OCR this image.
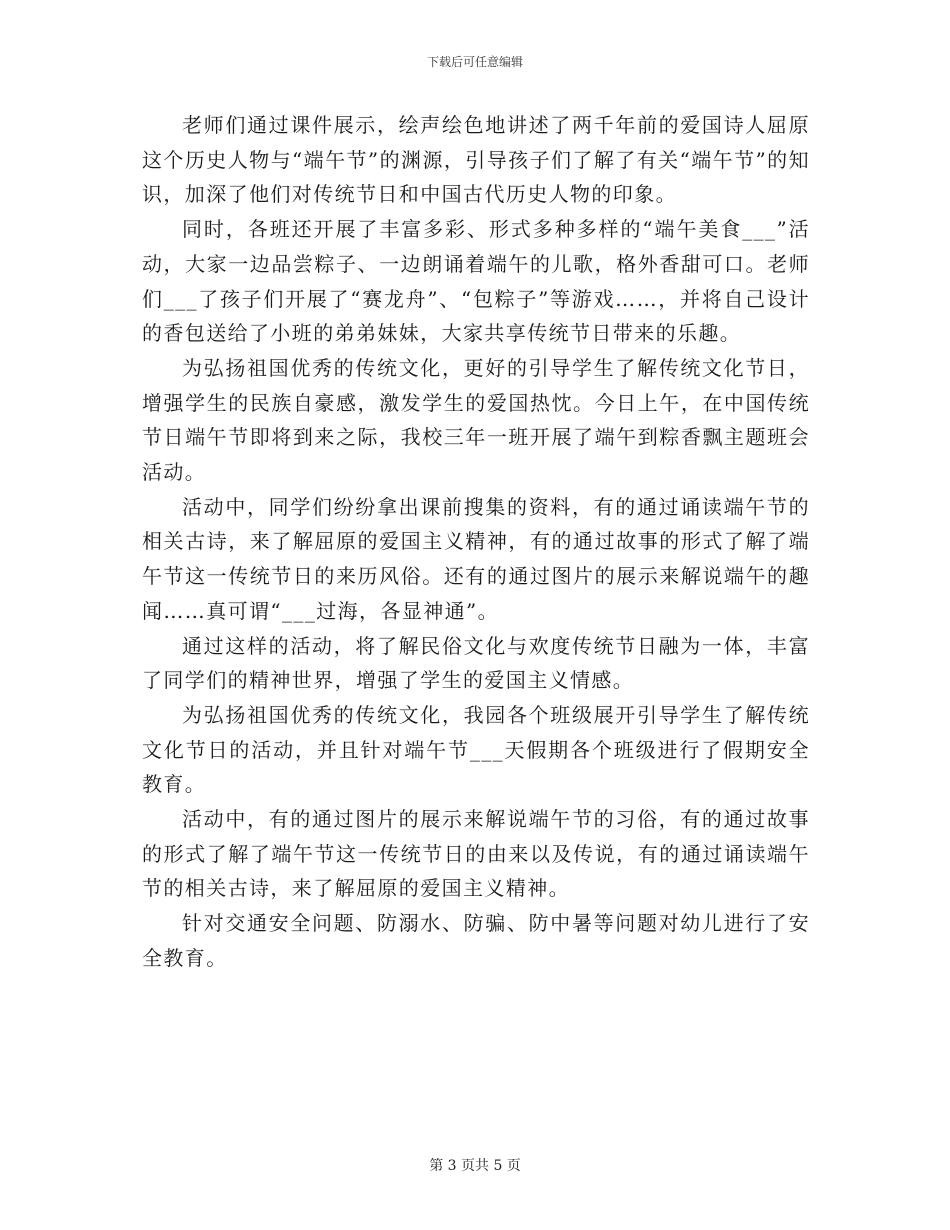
下载后可任意编辑

老师们通过课件展示，绘声绘色地讲述了两千年前的爱国诗人屈原这个历史人物与“端午节”的渊源，引导孩子们了解了有关“端午节”的知识，加深了他们对传统节日和中国古代历史人物的印象。

同时，各班还开展了丰富多彩、形式多种多样的“端午美食___”活动，大家一边品尝粽子、一边朗诵着端午的儿歌，格外香甜可口。老师们___了孩子们开展了“赛龙舟”、“包粽子”等游戏……，并将自己设计的香包送给了小班的弟弟妹妹，大家共享传统节日带来的乐趣。

为弘扬祖国优秀的传统文化，更好的引导学生了解传统文化节日，增强学生的民族自豪感，激发学生的爱国热忱。今日上午，在中国传统节日端午节即将到来之际，我校三年一班开展了端午到粽香飘主题班会活动。

活动中，同学们纷纷拿出课前搜集的资料，有的通过诵读端午节的相关古诗，来了解屈原的爱国主义精神，有的通过故事的形式了解了端午节这一传统节日的来历风俗。还有的通过图片的展示来解说端午的趣闻……真可谓“___过海，各显神通”。

通过这样的活动，将了解民俗文化与欢度传统节日融为一体，丰富了同学们的精神世界，增强了学生的爱国主义情感。

为弘扬祖国优秀的传统文化，我园各个班级展开引导学生了解传统文化节日的活动，并且针对端午节___天假期各个班级进行了假期安全教育。

活动中，有的通过图片的展示来解说端午节的习俗，有的通过故事的形式了解了端午节这一传统节日的由来以及传说，有的通过诵读端午节的相关古诗，来了解屈原的爱国主义精神。

针对交通安全问题、防溺水、防骗、防中暑等问题对幼儿进行了安全教育。

第 3 页共 5 页
